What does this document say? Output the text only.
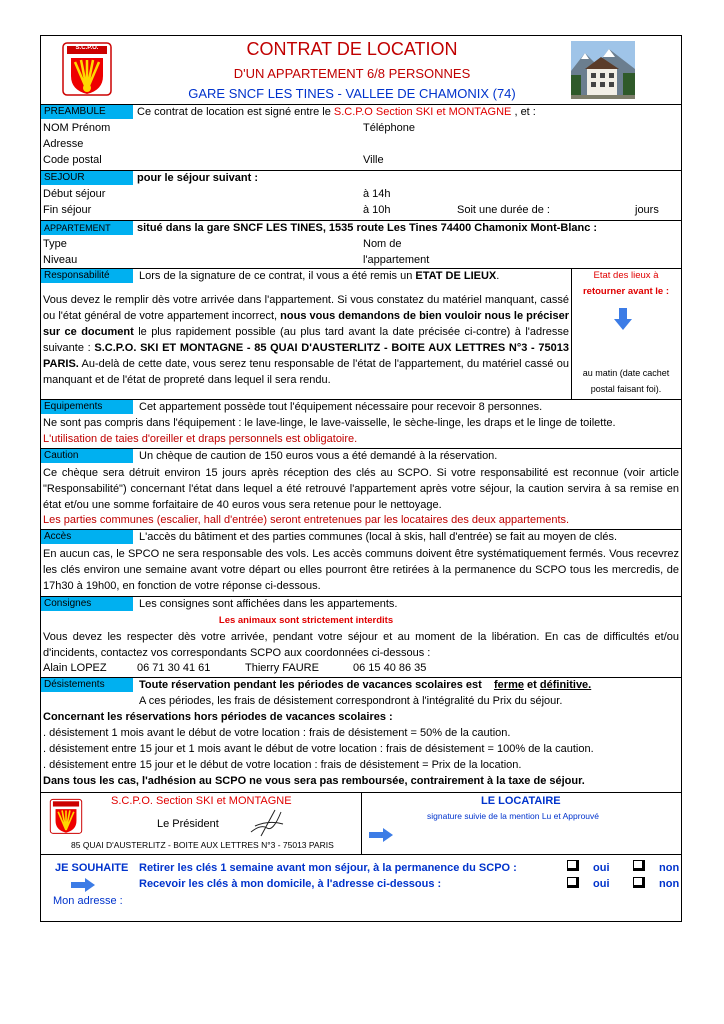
S.C.P.O.	CONTRAT DE LOCATION
D'UN APPARTEMENT 6/8 PERSONNES
GARE SNCF LES TINES - VALLEE DE CHAMONIX (74)
PREAMBULE	Ce contrat de location est signé entre le S.C.P.O Section SKI et MONTAGNE , et :
NOM Prénom	Téléphone
Adresse
Code postal	Ville
SEJOUR	pour le séjour suivant :
Début séjour	à 14h
Fin séjour	à 10h	Soit une durée de :	jours
APPARTEMENT situé dans la gare SNCF LES TINES, 1535 route Les Tines 74400 Chamonix Mont-Blanc :
Type	Nom de
Niveau	l'appartement
Responsabilité	Lors de la signature de ce contrat, il vous a été remis un ETAT DE LIEUX.	Etat des lieux à
retourner avant le :
au matin (date cachet
postal faisant foi).
Vous devez le remplir dès votre arrivée dans l'appartement. Si vous constatez du matériel manquant, cassé ou l'état général de votre appartement incorrect, nous vous demandons de bien vouloir nous le préciser sur ce document le plus rapidement possible (au plus tard avant la date précisée ci-contre) à l'adresse suivante : S.C.P.O. SKI ET MONTAGNE - 85 QUAI D'AUSTERLITZ - BOITE AUX LETTRES N°3 - 75013 PARIS. Au-delà de cette date, vous serez tenu responsable de l'état de l'appartement, du matériel cassé ou manquant et de l'état de propreté dans lequel il sera rendu.
Equipements	Cet appartement possède tout l'équipement nécessaire pour recevoir 8 personnes.
Ne sont pas compris dans l'équipement : le lave-linge, le lave-vaisselle, le sèche-linge, les draps et le linge de toilette.
L'utilisation de taies d'oreiller et draps personnels est obligatoire.
Caution	Un chèque de caution de 150 euros vous a été demandé à la réservation.
Ce chèque sera détruit environ 15 jours après réception des clés au SCPO. Si votre responsabilité est reconnue (voir article "Responsabilité") concernant l'état dans lequel a été retrouvé l'appartement après votre séjour, la caution servira à sa remise en état et/ou une somme forfaitaire de 40 euros vous sera retenue pour le nettoyage.
Les parties communes (escalier, hall d'entrée) seront entretenues par les locataires des deux appartements.
Accès	L'accès du bâtiment et des parties communes (local à skis, hall d'entrée) se fait au moyen de clés.
En aucun cas, le SPCO ne sera responsable des vols. Les accès communs doivent être systématiquement fermés. Vous recevrez les clés environ une semaine avant votre départ ou elles pourront être retirées à la permanence du SCPO tous les mercredis, de 17h30 à 19h00, en fonction de votre réponse ci-dessous.
Consignes	Les consignes sont affichées dans les appartements.
Les animaux sont strictement interdits
Vous devez les respecter dès votre arrivée, pendant votre séjour et au moment de la libération. En cas de difficultés et/ou d'incidents, contactez vos correspondants SCPO aux coordonnées ci-dessous :
Alain LOPEZ	06 71 30 41 61	Thierry FAURE	06 15 40 86 35
Désistements	Toute réservation pendant les périodes de vacances scolaires est ferme et définitive.
A ces périodes, les frais de désistement correspondront à l'intégralité du Prix du séjour.
Concernant les réservations hors périodes de vacances scolaires :
. désistement 1 mois avant le début de votre location : frais de désistement = 50% de la caution.
. désistement entre 15 jour et 1 mois avant le début de votre location : frais de désistement = 100% de la caution.
. désistement entre 15 jour et le début de votre location : frais de désistement = Prix de la location.
Dans tous les cas, l'adhésion au SCPO ne vous sera pas remboursée, contrairement à la taxe de séjour.
S.C.P.O. Section SKI et MONTAGNE
Le Président
85 QUAI D'AUSTERLITZ - BOITE AUX LETTRES N°3 - 75013 PARIS
LE LOCATAIRE
signature suivie de la mention Lu et Approuvé
JE SOUHAITE Retirer les clés 1 semaine avant mon séjour, à la permanence du SCPO :
Recevoir les clés à mon domicile, à l'adresse ci-dessous :
oui	non
oui	non
Mon adresse :
